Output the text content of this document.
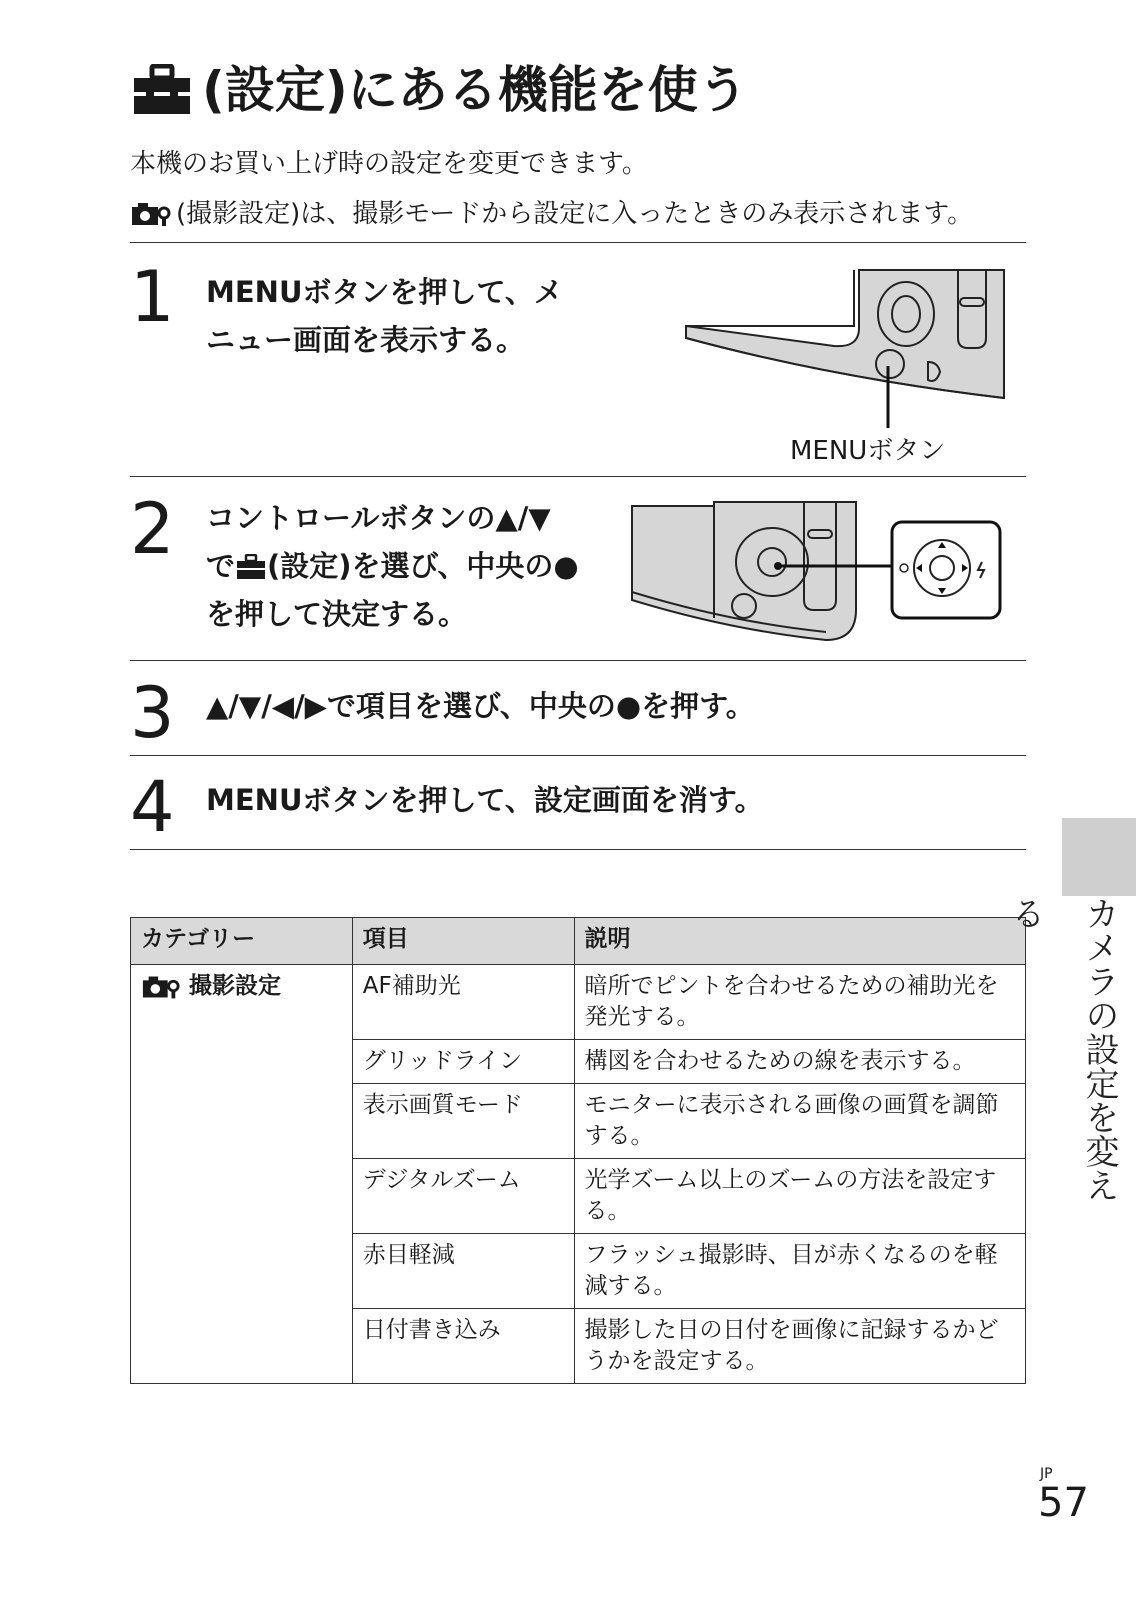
(設定)にある機能を使う
本機のお買い上げ時の設定を変更できます。
(撮影設定)は、撮影モードから設定に入ったときのみ表示されます。
1 MENUボタンを押して、メ
ニュー画面を表示する。
MENUボタン
2 コントロールボタンの▲/▼
で (設定)を選び、中央の●
を押して決定する。
3 ▲/▼/◀/▶で項目を選び、中央の●を押す。
4 MENUボタンを押して、設定画面を消す。
カテゴリー	項目	説明

撮影設定	AF補助光	暗所でピントを合わせるための補助光を発光する。
	グリッドライン	構図を合わせるための線を表示する。
	表示画質モード	モニターに表示される画像の画質を調節する。
	デジタルズーム	光学ズーム以上のズームの方法を設定する。
	赤目軽減	フラッシュ撮影時、目が赤くなるのを軽減する。
	日付書き込み	撮影した日の日付を画像に記録するかどうかを設定する。
カメラの設定を変える
JP
57
